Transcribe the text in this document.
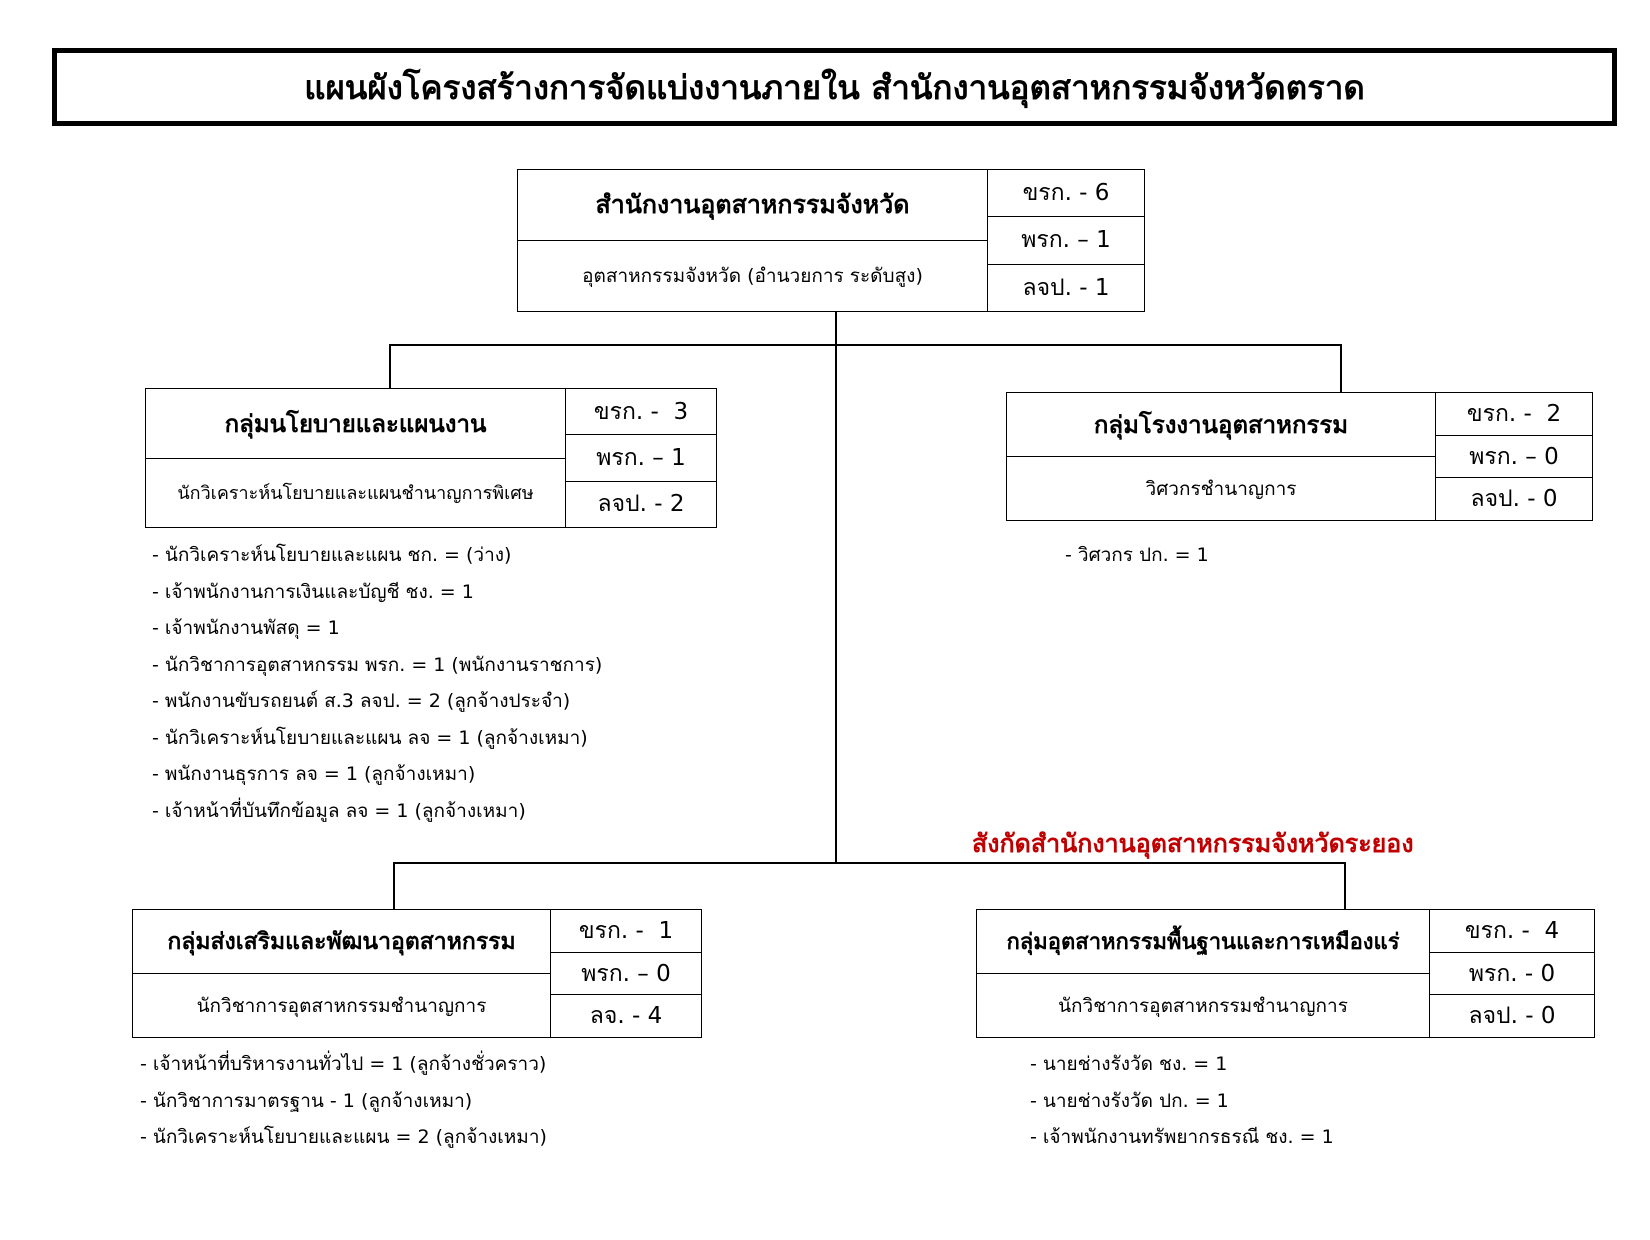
แผนผังโครงสร้างการจัดแบ่งงานภายใน สำนักงานอุตสาหกรรมจังหวัดตราด
สำนักงานอุตสาหกรรมจังหวัด
อุตสาหกรรมจังหวัด (อำนวยการ ระดับสูง)
ขรก. - 6
พรก. – 1
ลจป. - 1
กลุ่มนโยบายและแผนงาน
นักวิเคราะห์นโยบายและแผนชำนาญการพิเศษ
ขรก. -  3
พรก. – 1
ลจป. - 2
- นักวิเคราะห์นโยบายและแผน ชก. = (ว่าง)
- เจ้าพนักงานการเงินและบัญชี ชง. = 1
- เจ้าพนักงานพัสดุ = 1
- นักวิชาการอุตสาหกรรม พรก. = 1 (พนักงานราชการ)
- พนักงานขับรถยนต์ ส.3 ลจป. = 2 (ลูกจ้างประจำ)
- นักวิเคราะห์นโยบายและแผน ลจ = 1 (ลูกจ้างเหมา)
- พนักงานธุรการ ลจ = 1 (ลูกจ้างเหมา)
- เจ้าหน้าที่บันทึกข้อมูล ลจ = 1 (ลูกจ้างเหมา)
กลุ่มโรงงานอุตสาหกรรม
วิศวกรชำนาญการ
ขรก. -  2
พรก. – 0
ลจป. - 0
- วิศวกร ปก. = 1
สังกัดสำนักงานอุตสาหกรรมจังหวัดระยอง
กลุ่มส่งเสริมและพัฒนาอุตสาหกรรม
นักวิชาการอุตสาหกรรมชำนาญการ
ขรก. -  1
พรก. – 0
ลจ. - 4
- เจ้าหน้าที่บริหารงานทั่วไป = 1 (ลูกจ้างชั่วคราว)
- นักวิชาการมาตรฐาน - 1 (ลูกจ้างเหมา)
- นักวิเคราะห์นโยบายและแผน = 2 (ลูกจ้างเหมา)
กลุ่มอุตสาหกรรมพื้นฐานและการเหมืองแร่
นักวิชาการอุตสาหกรรมชำนาญการ
ขรก. -  4
พรก. - 0
ลจป. - 0
- นายช่างรังวัด ชง. = 1
- นายช่างรังวัด ปก. = 1
- เจ้าพนักงานทรัพยากรธรณี ชง. = 1
